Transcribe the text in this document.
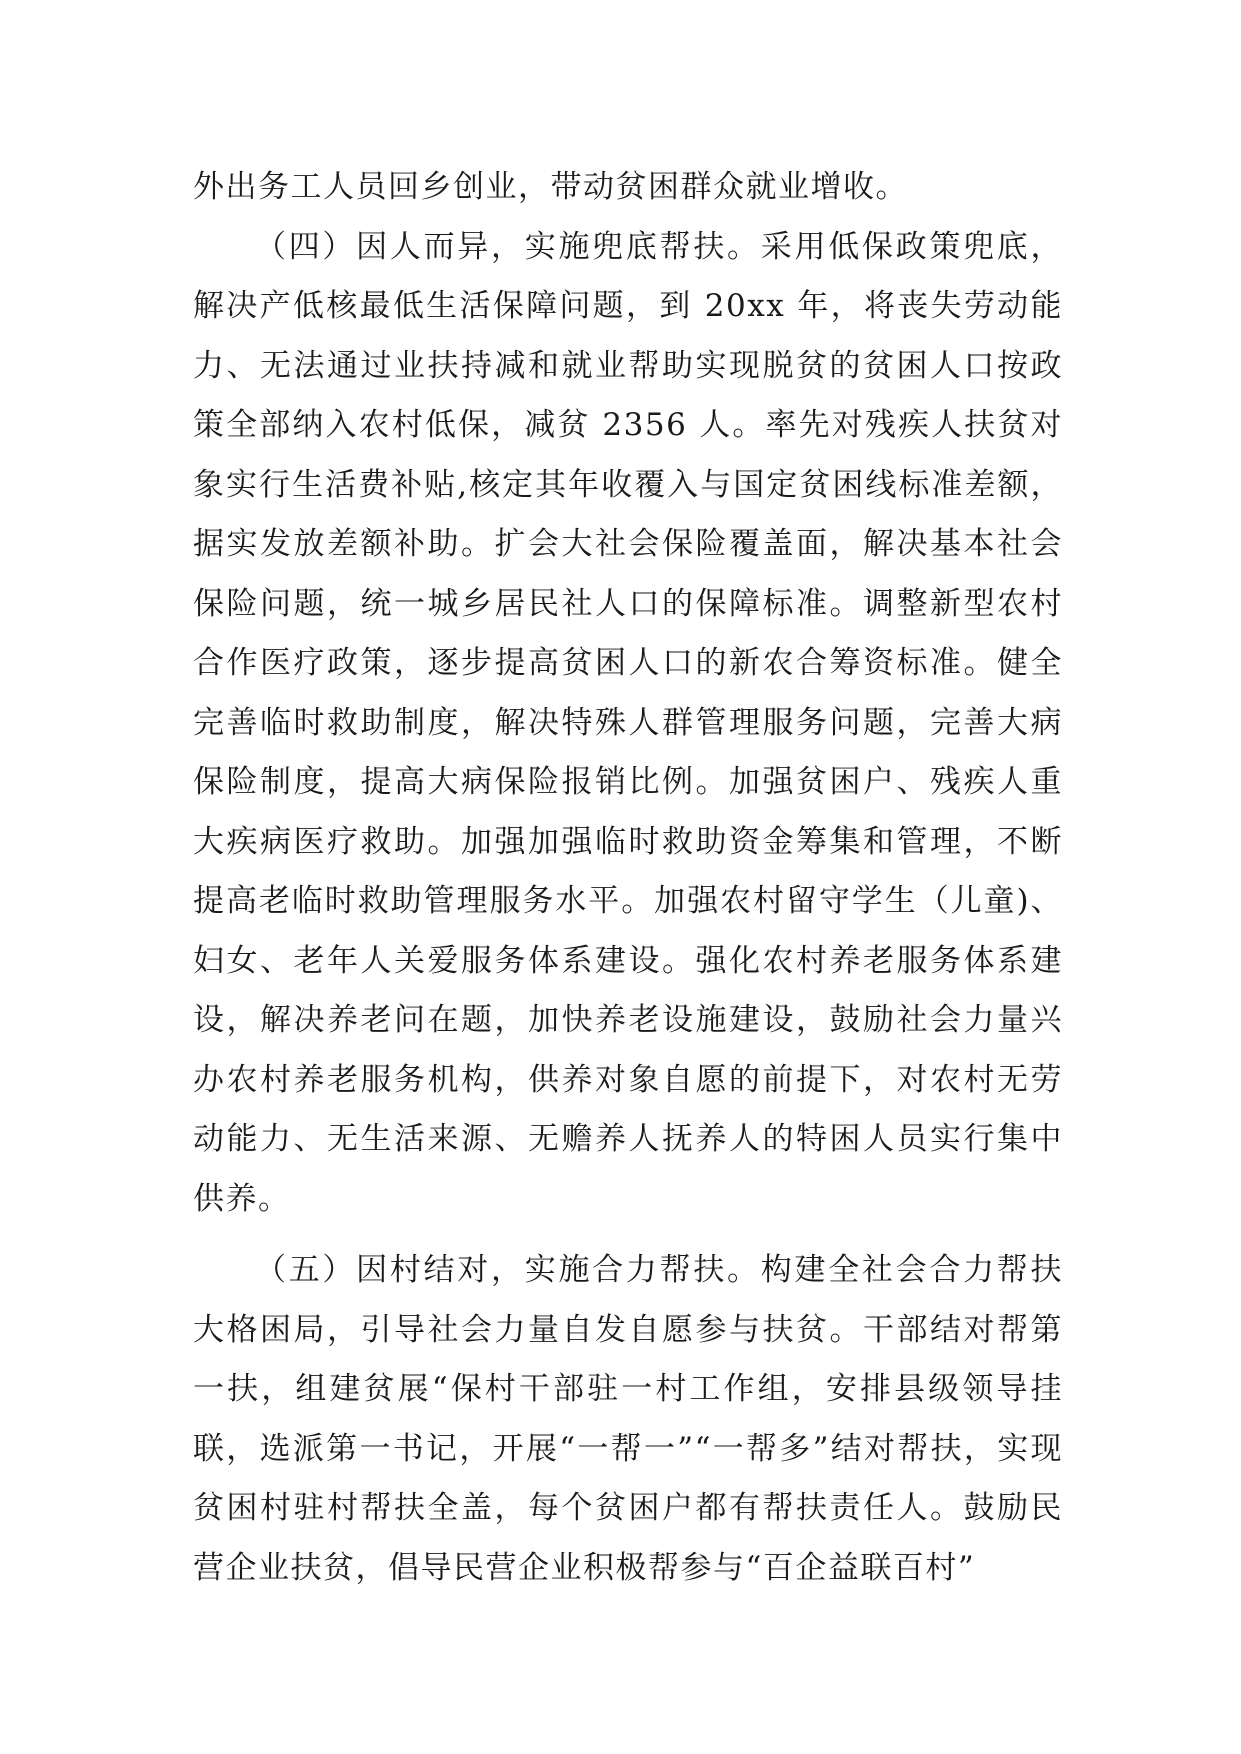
外出务工人员回乡创业，带动贫困群众就业增收。

（四）因人而异，实施兜底帮扶。采用低保政策兜底，解决产低核最低生活保障问题，到 20xx 年，将丧失劳动能力、无法通过业扶持减和就业帮助实现脱贫的贫困人口按政策全部纳入农村低保，减贫 2356 人。率先对残疾人扶贫对象实行生活费补贴,核定其年收覆入与国定贫困线标准差额，据实发放差额补助。扩会大社会保险覆盖面，解决基本社会保险问题，统一城乡居民社人口的保障标准。调整新型农村合作医疗政策，逐步提高贫困人口的新农合筹资标准。健全完善临时救助制度，解决特殊人群管理服务问题，完善大病保险制度，提高大病保险报销比例。加强贫困户、残疾人重大疾病医疗救助。加强加强临时救助资金筹集和管理，不断提高老临时救助管理服务水平。加强农村留守学生（儿童)、妇女、老年人关爱服务体系建设。强化农村养老服务体系建设，解决养老问在题，加快养老设施建设，鼓励社会力量兴办农村养老服务机构，供养对象自愿的前提下，对农村无劳动能力、无生活来源、无赡养人抚养人的特困人员实行集中供养。

（五）因村结对，实施合力帮扶。构建全社会合力帮扶大格困局，引导社会力量自发自愿参与扶贫。干部结对帮第一扶，组建贫展“保村干部驻一村工作组，安排县级领导挂联，选派第一书记，开展“一帮一”“一帮多”结对帮扶，实现贫困村驻村帮扶全盖，每个贫困户都有帮扶责任人。鼓励民营企业扶贫，倡导民营企业积极帮参与“百企益联百村”
